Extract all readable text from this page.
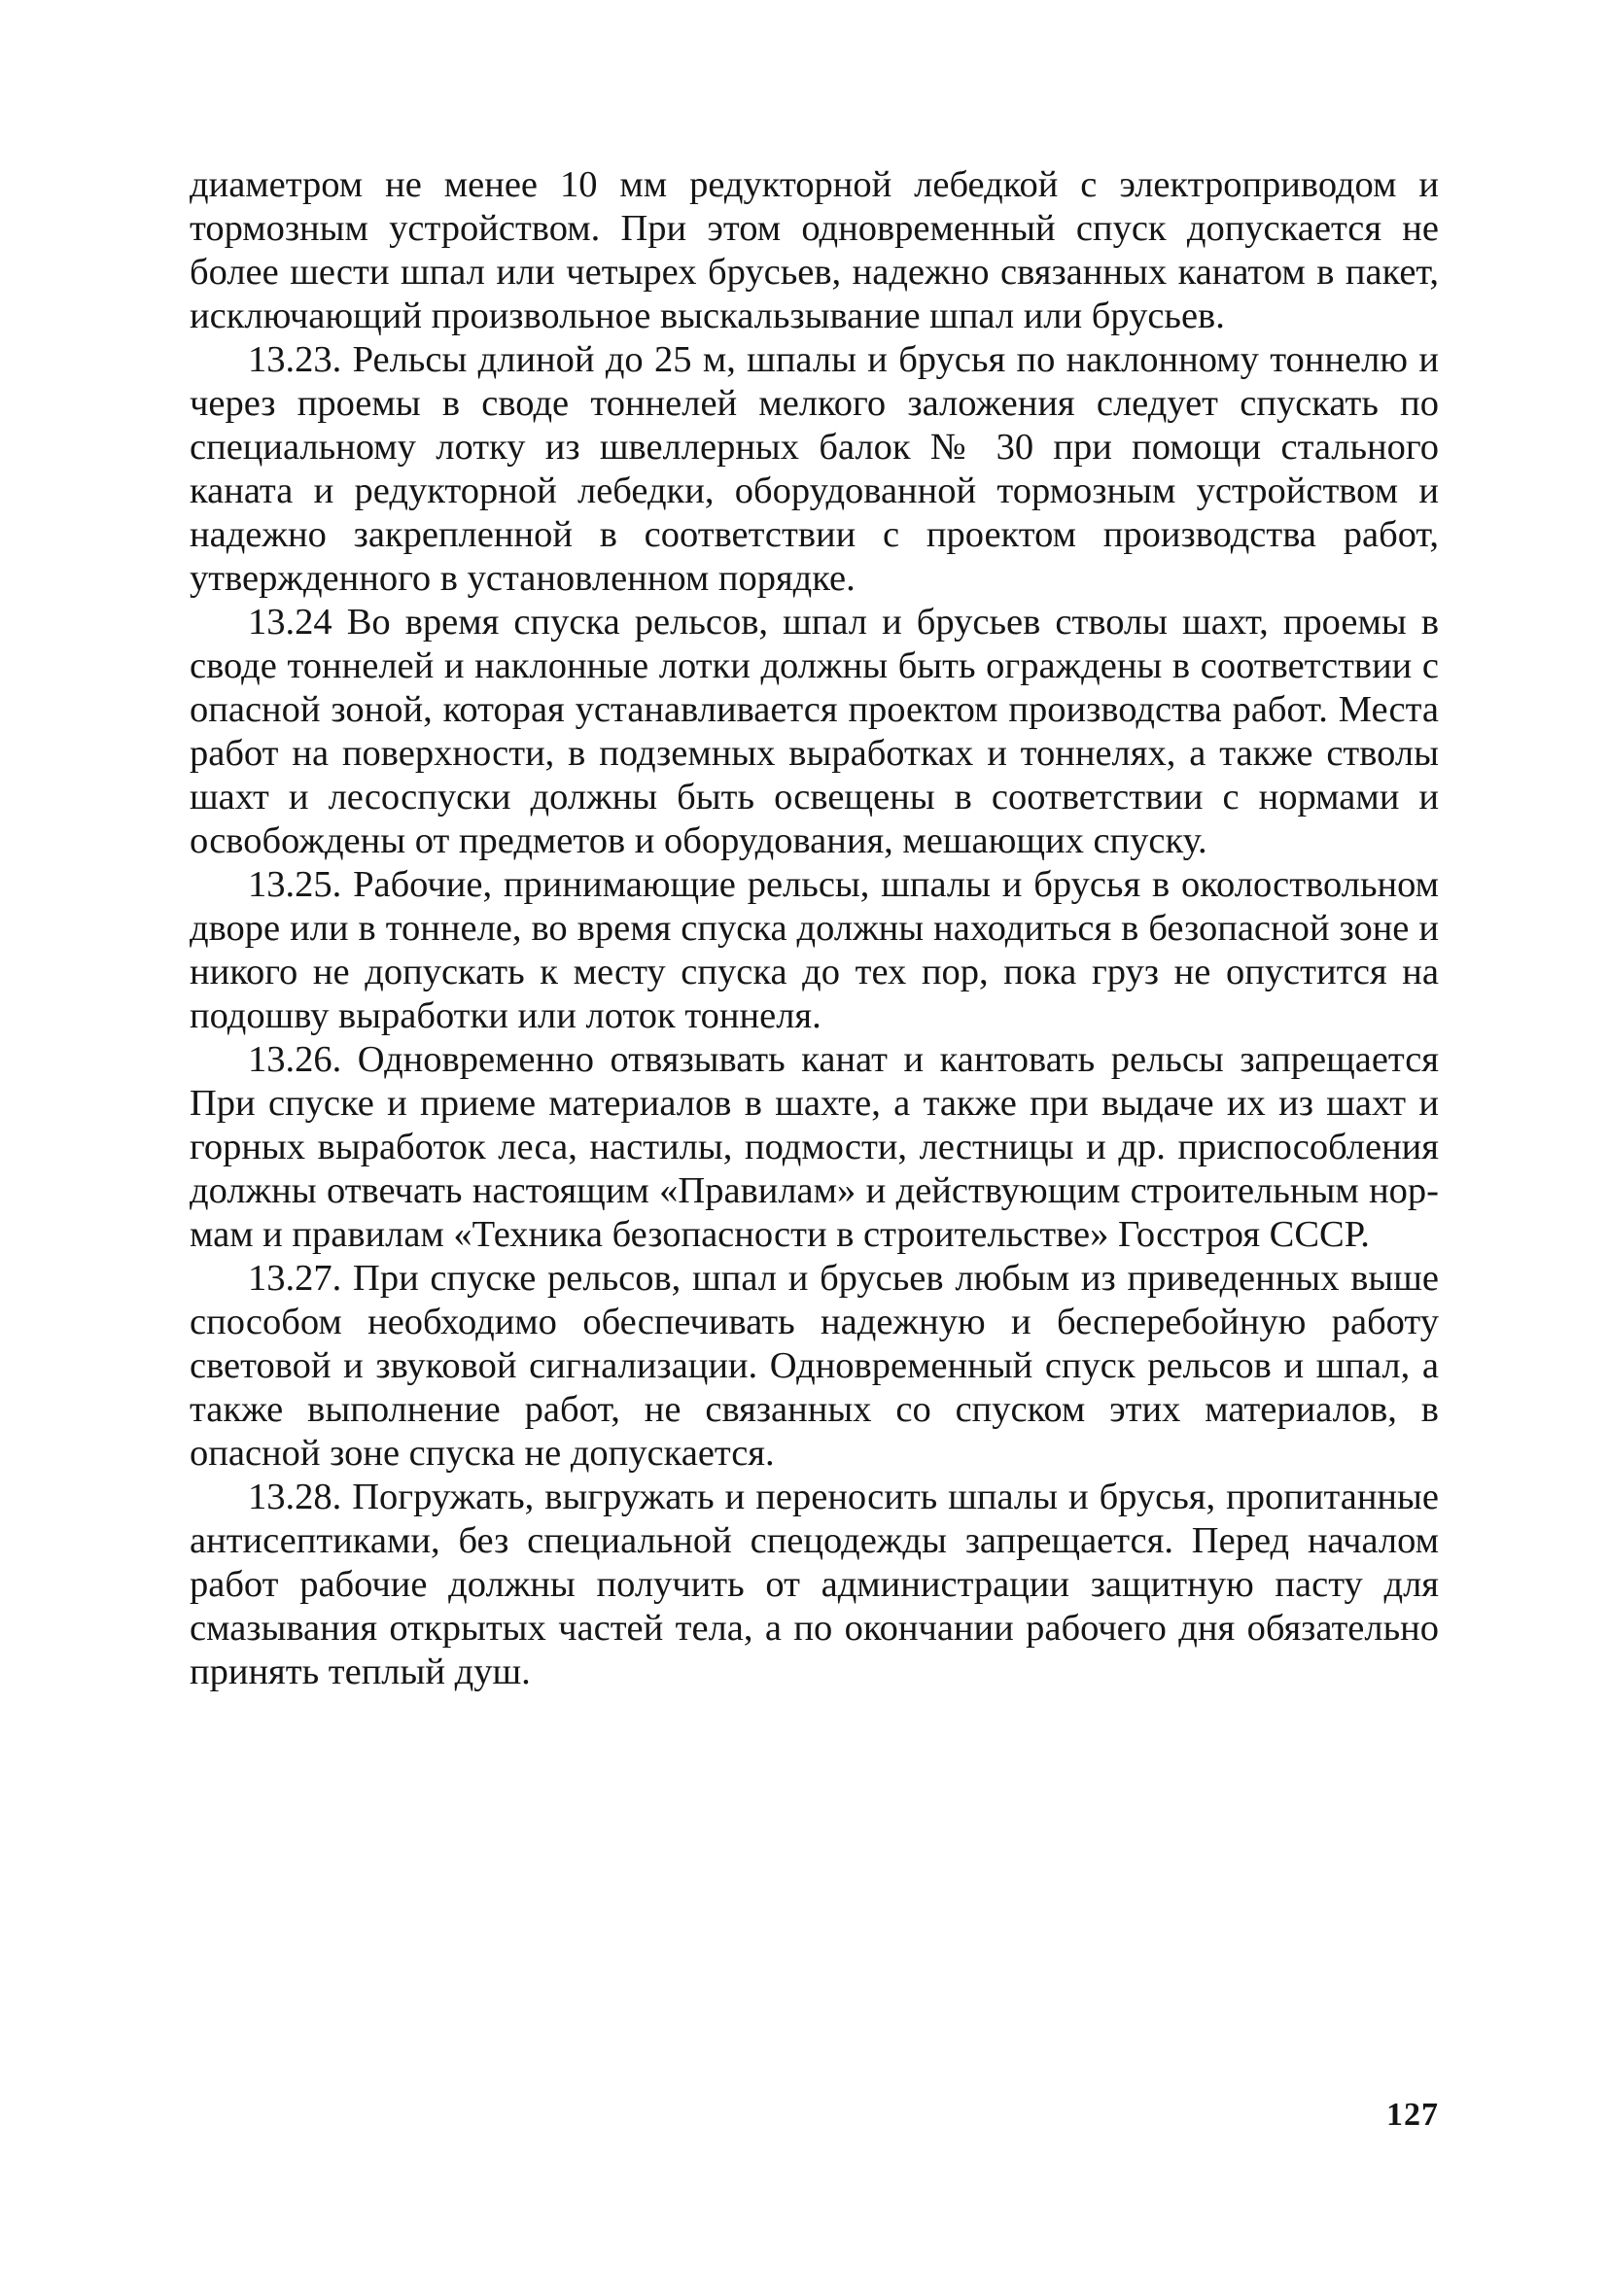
диаметром не менее 10 мм редукторной лебедкой с электроприводом и тормозным устройством. При этом одновременный спуск допускается не более шести шпал или четырех брусьев, надежно связанных канатом в пакет, исключающий произвольное выскальзывание шпал или брусьев.

13.23. Рельсы длиной до 25 м, шпалы и брусья по наклонному тоннелю и через проемы в своде тоннелей мелкого заложения следует спускать по специальному лотку из швеллерных балок № 30 при помощи стального каната и редукторной лебедки, оборудованной тормозным устройством и надежно закрепленной в соответствии с проектом производства работ, утвержденного в установленном порядке.

13.24 Во время спуска рельсов, шпал и брусьев стволы шахт, проемы в своде тоннелей и наклонные лотки должны быть ограждены в соответствии с опасной зоной, которая устанавливается проектом производства работ. Места работ на поверхности, в подземных выработках и тоннелях, а также стволы шахт и лесоспуски должны быть освещены в соответствии с нормами и освобождены от предметов и оборудования, мешающих спуску.

13.25. Рабочие, принимающие рельсы, шпалы и брусья в околоствольном дворе или в тоннеле, во время спуска должны находиться в безопасной зоне и никого не допускать к месту спуска до тех пор, пока груз не опустится на подошву выработки или лоток тоннеля.

13.26. Одновременно отвязывать канат и кантовать рельсы запрещается При спуске и приеме материалов в шахте, а также при выдаче их из шахт и горных выработок леса, настилы, подмости, лестницы и др. приспособления должны отвечать настоящим «Правилам» и действующим строительным нормам и правилам «Техника безопасности в строительстве» Госстроя СССР.

13.27. При спуске рельсов, шпал и брусьев любым из приведенных выше способом необходимо обеспечивать надежную и бесперебойную работу световой и звуковой сигнализации. Одновременный спуск рельсов и шпал, а также выполнение работ, не связанных со спуском этих материалов, в опасной зоне спуска не допускается.

13.28. Погружать, выгружать и переносить шпалы и брусья, пропитанные антисептиками, без специальной спецодежды запрещается. Перед началом работ рабочие должны получить от администрации защитную пасту для смазывания открытых частей тела, а по окончании рабочего дня обязательно принять теплый душ.

127
